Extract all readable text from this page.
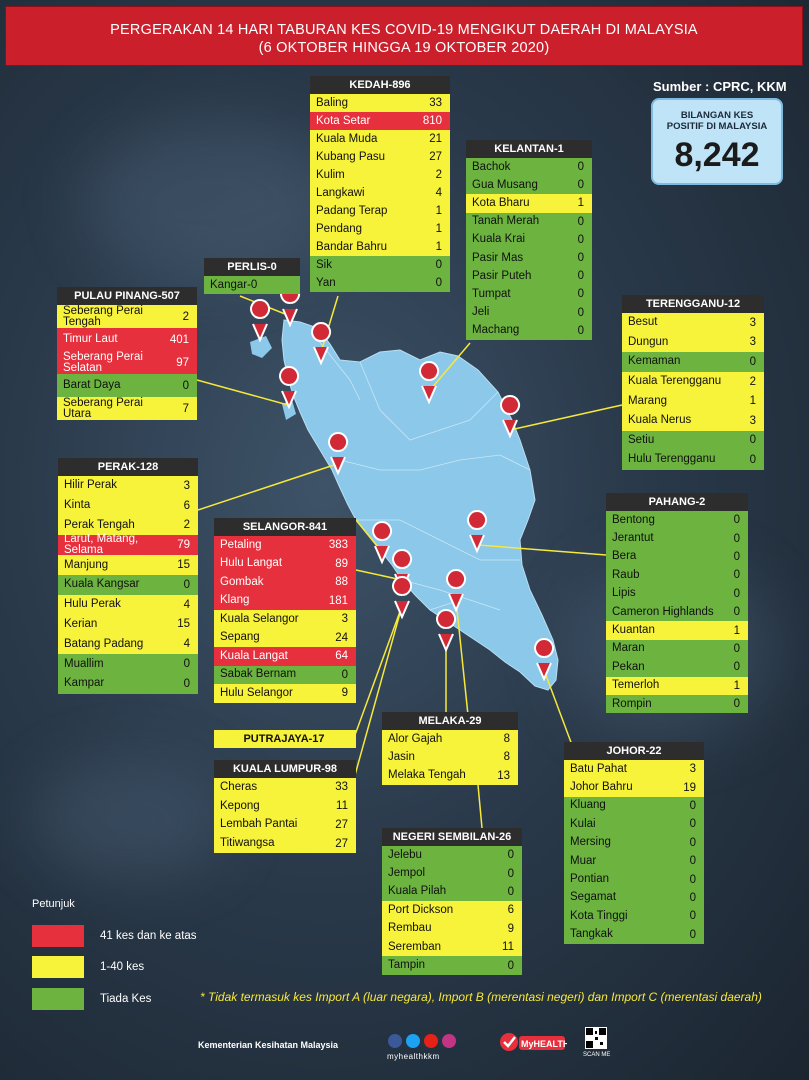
PERGERAKAN 14 HARI TABURAN KES COVID-19 MENGIKUT DAERAH DI MALAYSIA
(6 OKTOBER HINGGA 19 OKTOBER 2020)
Sumber : CPRC, KKM
BILANGAN KES
POSITIF DI MALAYSIA
8,242
KEDAH-896
Baling	33
Kota Setar	810
Kuala Muda	21
Kubang Pasu	27
Kulim	2
Langkawi	4
Padang Terap	1
Pendang	1
Bandar Bahru	1
Sik	0
Yan	0
KELANTAN-1
Bachok	0
Gua Musang	0
Kota Bharu	1
Tanah Merah	0
Kuala Krai	0
Pasir Mas	0
Pasir Puteh	0
Tumpat	0
Jeli	0
Machang	0
PERLIS-0
Kangar-0
PULAU PINANG-507
Seberang Perai Tengah	2
Timur Laut	401
Seberang Perai Selatan	97
Barat Daya	0
Seberang Perai Utara	7
TERENGGANU-12
Besut	3
Dungun	3
Kemaman	0
Kuala Terengganu	2
Marang	1
Kuala Nerus	3
Setiu	0
Hulu Terengganu	0
PERAK-128
Hilir Perak	3
Kinta	6
Perak Tengah	2
Larut, Matang, Selama	79
Manjung	15
Kuala Kangsar	0
Hulu Perak	4
Kerian	15
Batang Padang	4
Muallim	0
Kampar	0
SELANGOR-841
Petaling	383
Hulu Langat	89
Gombak	88
Klang	181
Kuala Selangor	3
Sepang	24
Kuala Langat	64
Sabak Bernam	0
Hulu Selangor	9
PAHANG-2
Bentong	0
Jerantut	0
Bera	0
Raub	0
Lipis	0
Cameron Highlands	0
Kuantan	1
Maran	0
Pekan	0
Temerloh	1
Rompin	0
PUTRAJAYA-17
MELAKA-29
Alor Gajah	8
Jasin	8
Melaka Tengah	13
JOHOR-22
Batu Pahat	3
Johor Bahru	19
Kluang	0
Kulai	0
Mersing	0
Muar	0
Pontian	0
Segamat	0
Kota Tinggi	0
Tangkak	0
KUALA LUMPUR-98
Cheras	33
Kepong	11
Lembah Pantai	27
Titiwangsa	27
NEGERI SEMBILAN-26
Jelebu	0
Jempol	0
Kuala Pilah	0
Port Dickson	6
Rembau	9
Seremban	11
Tampin	0
Petunjuk
41 kes dan ke atas
1-40 kes
Tiada Kes	* Tidak termasuk kes Import A (luar negara), Import B (merentasi negeri) dan Import C (merentasi daerah)
Kementerian Kesihatan Malaysia
myhealthkkm
MyHEALTH
SCAN ME
